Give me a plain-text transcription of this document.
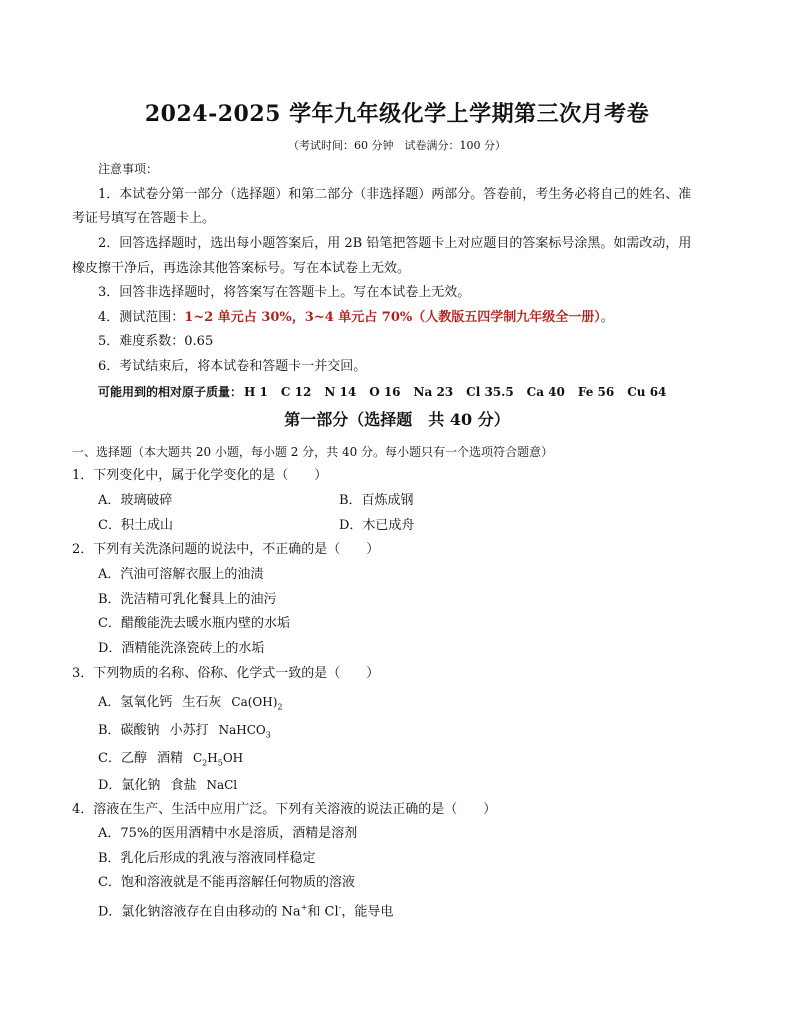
2024-2025 学年九年级化学上学期第三次月考卷
（考试时间：60 分钟　试卷满分：100 分）
注意事项：
1．本试卷分第一部分（选择题）和第二部分（非选择题）两部分。答卷前，考生务必将自己的姓名、准
考证号填写在答题卡上。
2．回答选择题时，选出每小题答案后，用 2B 铅笔把答题卡上对应题目的答案标号涂黑。如需改动，用
橡皮擦干净后，再选涂其他答案标号。写在本试卷上无效。
3．回答非选择题时，将答案写在答题卡上。写在本试卷上无效。
4．测试范围：1~2 单元占 30%，3~4 单元占 70%（人教版五四学制九年级全一册）。
5．难度系数：0.65
6．考试结束后，将本试卷和答题卡一并交回。
可能用到的相对原子质量： H 1 C 12 N 14 O 16 Na 23 Cl 35.5 Ca 40 Fe 56 Cu 64
第一部分（选择题　共 40 分）
一、选择题（本大题共 20 小题，每小题 2 分，共 40 分。每小题只有一个选项符合题意）
1．下列变化中，属于化学变化的是（　　）
A．玻璃破碎	B．百炼成钢
C．积土成山	D．木已成舟
2．下列有关洗涤问题的说法中，不正确的是（　　）
A．汽油可溶解衣服上的油渍
B．洗洁精可乳化餐具上的油污
C．醋酸能洗去暖水瓶内壁的水垢
D．酒精能洗涤瓷砖上的水垢
3．下列物质的名称、俗称、化学式一致的是（　　）
A．氢氧化钙 生石灰 $Ca(OH)_2$
B．碳酸钠 小苏打 NaHCO$_3$
C．乙醇 酒精 $C_2H_5OH$
D．氯化钠 食盐 NaCl
4．溶液在生产、生活中应用广泛。下列有关溶液的说法正确的是（　　）
A．75%的医用酒精中水是溶质，酒精是溶剂
B．乳化后形成的乳液与溶液同样稳定
C．饱和溶液就是不能再溶解任何物质的溶液
D．氯化钠溶液存在自由移动的 Na+和 Cl-，能导电
